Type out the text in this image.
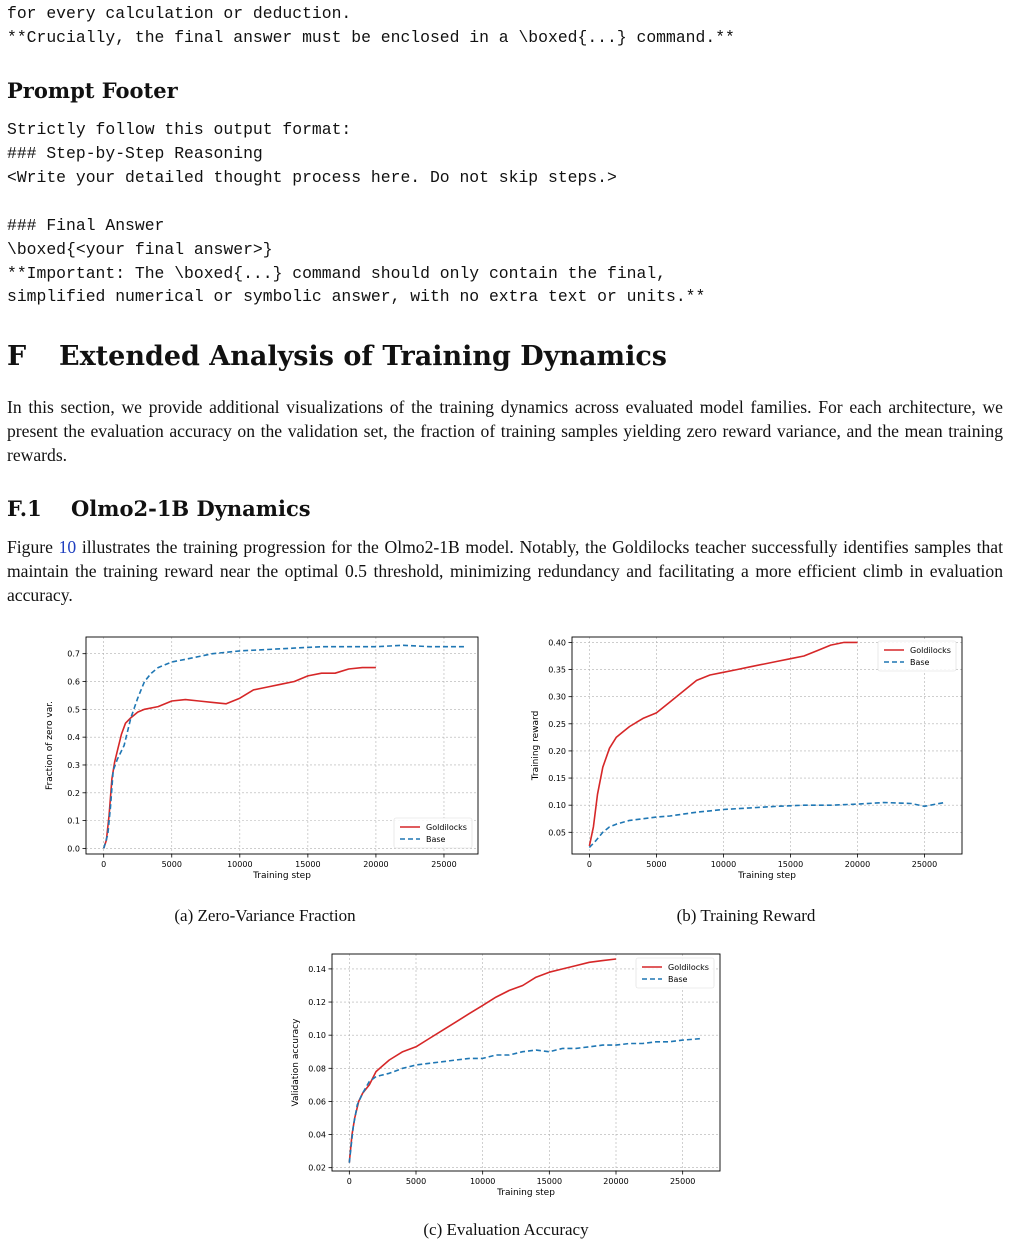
for every calculation or deduction.
**Crucially, the final answer must be enclosed in a \boxed{...} command.**
Prompt Footer
Strictly follow this output format:
### Step-by-Step Reasoning
<Write your detailed thought process here. Do not skip steps.>
### Final Answer
\boxed{<your final answer>}
**Important: The \boxed{...} command should only contain the final,
simplified numerical or symbolic answer, with no extra text or units.**
F Extended Analysis of Training Dynamics
In this section, we provide additional visualizations of the training dynamics across evaluated model families. For each architecture, we present the evaluation accuracy on the validation set, the fraction of training samples yielding zero reward variance, and the mean training rewards.
F.1 Olmo2-1B Dynamics
Figure 10 illustrates the training progression for the Olmo2-1B model. Notably, the Goldilocks teacher successfully identifies samples that maintain the training reward near the optimal 0.5 threshold, minimizing redundancy and facilitating a more efficient climb in evaluation accuracy.
0	5000	10000	15000	20000	25000
0.0
0.1
0.2
0.3
0.4
0.5
0.6
0.7
Training step
Fraction of zero var.
Goldilocks
Base
(a) Zero-Variance Fraction
0	5000	10000	15000	20000	25000
0.05
0.10
0.15
0.20
0.25
0.30
0.35
0.40
Training step
Training reward
Goldilocks
Base
(b) Training Reward
0	5000	10000	15000	20000	25000
0.02
0.04
0.06
0.08
0.10
0.12
0.14
Training step
Validation accuracy
Goldilocks
Base
(c) Evaluation Accuracy
